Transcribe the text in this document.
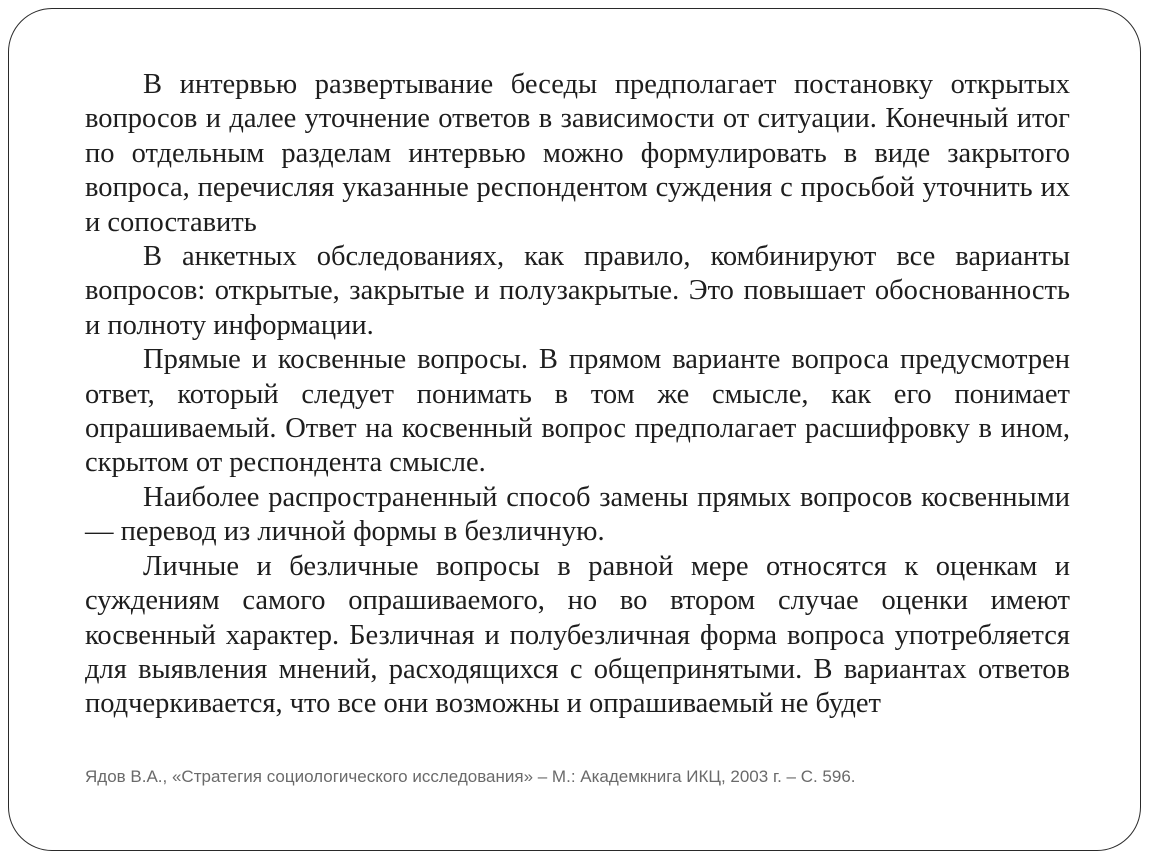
В интервью развертывание беседы предполагает постановку открытых вопросов и далее уточнение ответов в зависимости от ситуации. Конечный итог по отдельным разделам интервью можно формулировать в виде закрытого вопроса, перечисляя указанные респондентом суждения с просьбой уточнить их и сопоставить

В анкетных обследованиях, как правило, комбинируют все варианты вопросов: открытые, закрытые и полузакрытые. Это повышает обоснованность и полноту информации.

Прямые и косвенные вопросы. В прямом варианте вопроса предусмотрен ответ, который следует понимать в том же смысле, как его понимает опрашиваемый. Ответ на косвенный вопрос предполагает расшифровку в ином, скрытом от респондента смысле.

Наиболее распространенный способ замены прямых вопросов косвенными — перевод из личной формы в безличную.

Личные и безличные вопросы в равной мере относятся к оценкам и суждениям самого опрашиваемого, но во втором случае оценки имеют косвенный характер. Безличная и полубезличная форма вопроса употребляется для выявления мнений, расходящихся с общепринятыми. В вариантах ответов подчеркивается, что все они возможны и опрашиваемый не будет

Ядов В.А., «Стратегия социологического исследования» – М.: Академкнига ИКЦ, 2003 г. – С. 596.
